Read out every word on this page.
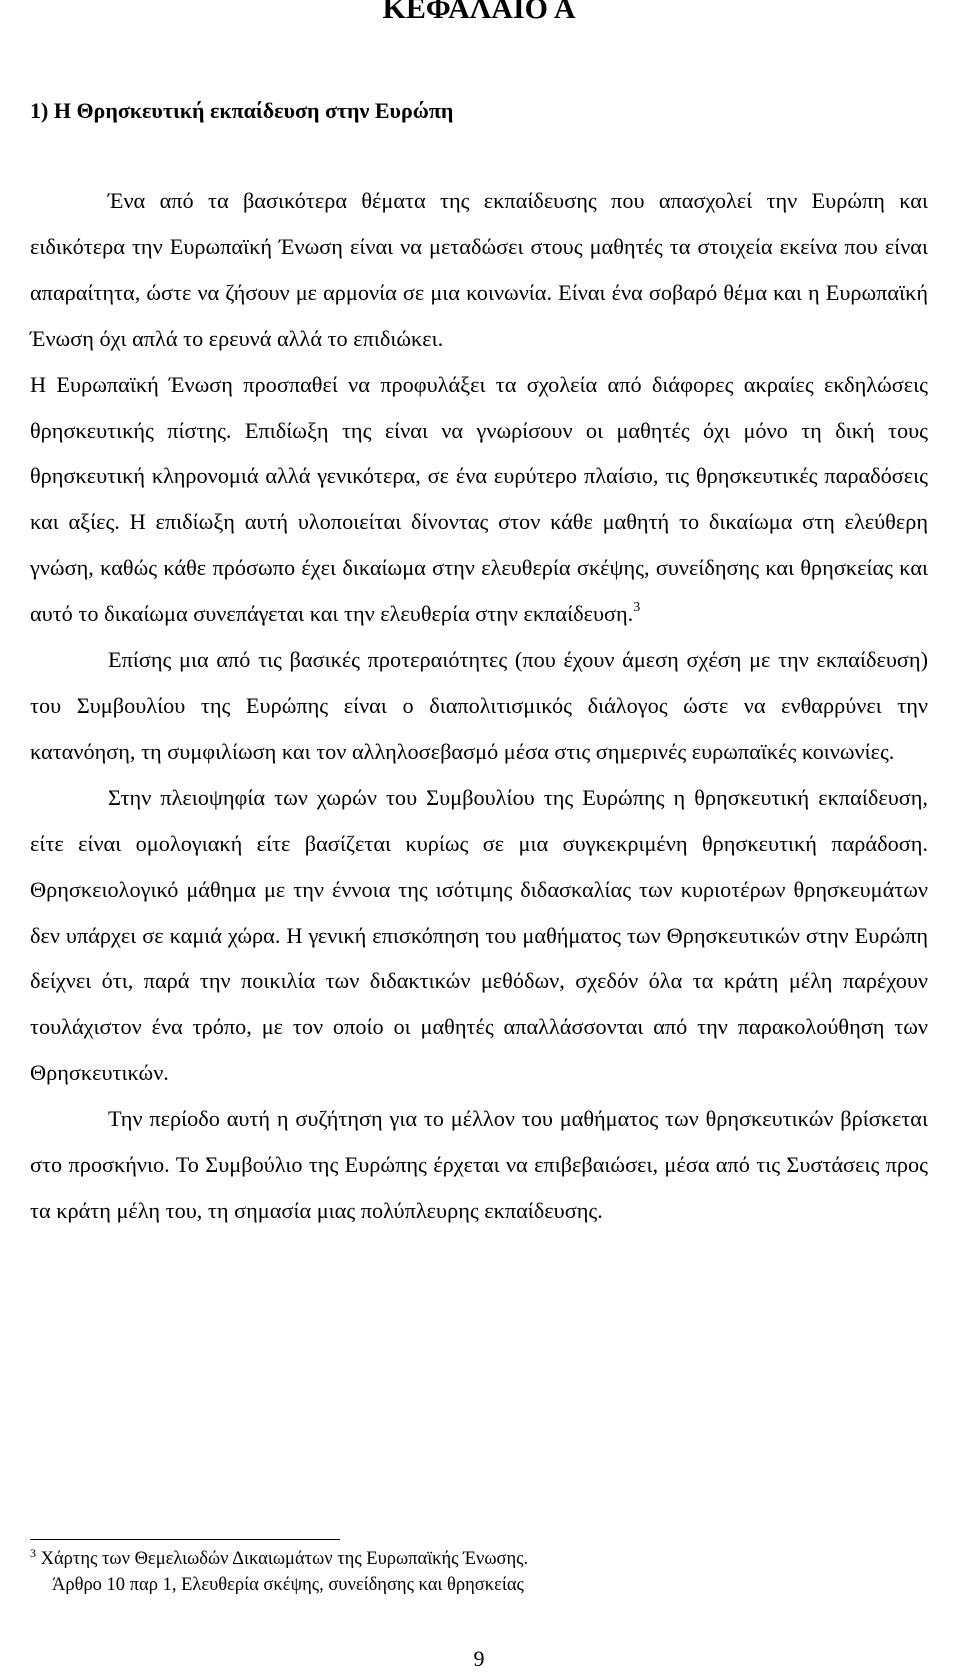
ΚΕΦΑΛΑΙΟ Α
1) Η Θρησκευτική εκπαίδευση στην Ευρώπη

Ένα από τα βασικότερα θέματα της εκπαίδευσης που απασχολεί την Ευρώπη και ειδικότερα την Ευρωπαϊκή Ένωση είναι να μεταδώσει στους μαθητές τα στοιχεία εκείνα που είναι απαραίτητα, ώστε να ζήσουν με αρμονία σε μια κοινωνία. Είναι ένα σοβαρό θέμα και η Ευρωπαϊκή Ένωση όχι απλά το ερευνά αλλά το επιδιώκει.

Η Ευρωπαϊκή Ένωση προσπαθεί να προφυλάξει τα σχολεία από διάφορες ακραίες εκδηλώσεις θρησκευτικής πίστης. Επιδίωξη της είναι να γνωρίσουν οι μαθητές όχι μόνο τη δική τους θρησκευτική κληρονομιά αλλά γενικότερα, σε ένα ευρύτερο πλαίσιο, τις θρησκευτικές παραδόσεις και αξίες. Η επιδίωξη αυτή υλοποιείται δίνοντας στον κάθε μαθητή το δικαίωμα στη ελεύθερη γνώση, καθώς κάθε πρόσωπο έχει δικαίωμα στην ελευθερία σκέψης, συνείδησης και θρησκείας και αυτό το δικαίωμα συνεπάγεται και την ελευθερία στην εκπαίδευση.$^3$

Επίσης μια από τις βασικές προτεραιότητες (που έχουν άμεση σχέση με την εκπαίδευση) του Συμβουλίου της Ευρώπης είναι ο διαπολιτισμικός διάλογος ώστε να ενθαρρύνει την κατανόηση, τη συμφιλίωση και τον αλληλοσεβασμό μέσα στις σημερινές ευρωπαϊκές κοινωνίες.

Στην πλειοψηφία των χωρών του Συμβουλίου της Ευρώπης η θρησκευτική εκπαίδευση, είτε είναι ομολογιακή είτε βασίζεται κυρίως σε μια συγκεκριμένη θρησκευτική παράδοση. Θρησκειολογικό μάθημα με την έννοια της ισότιμης διδασκαλίας των κυριοτέρων θρησκευμάτων δεν υπάρχει σε καμιά χώρα. Η γενική επισκόπηση του μαθήματος των Θρησκευτικών στην Ευρώπη δείχνει ότι, παρά την ποικιλία των διδακτικών μεθόδων, σχεδόν όλα τα κράτη μέλη παρέχουν τουλάχιστον ένα τρόπο, με τον οποίο οι μαθητές απαλλάσσονται από την παρακολούθηση των Θρησκευτικών.

Την περίοδο αυτή η συζήτηση για το μέλλον του μαθήματος των θρησκευτικών βρίσκεται στο προσκήνιο. Το Συμβούλιο της Ευρώπης έρχεται να επιβεβαιώσει, μέσα από τις Συστάσεις προς τα κράτη μέλη του, τη σημασία μιας πολύπλευρης εκπαίδευσης.

$^3$ Χάρτης των Θεμελιωδών Δικαιωμάτων της Ευρωπαϊκής Ένωσης.
Άρθρο 10 παρ 1, Ελευθερία σκέψης, συνείδησης και θρησκείας
9
